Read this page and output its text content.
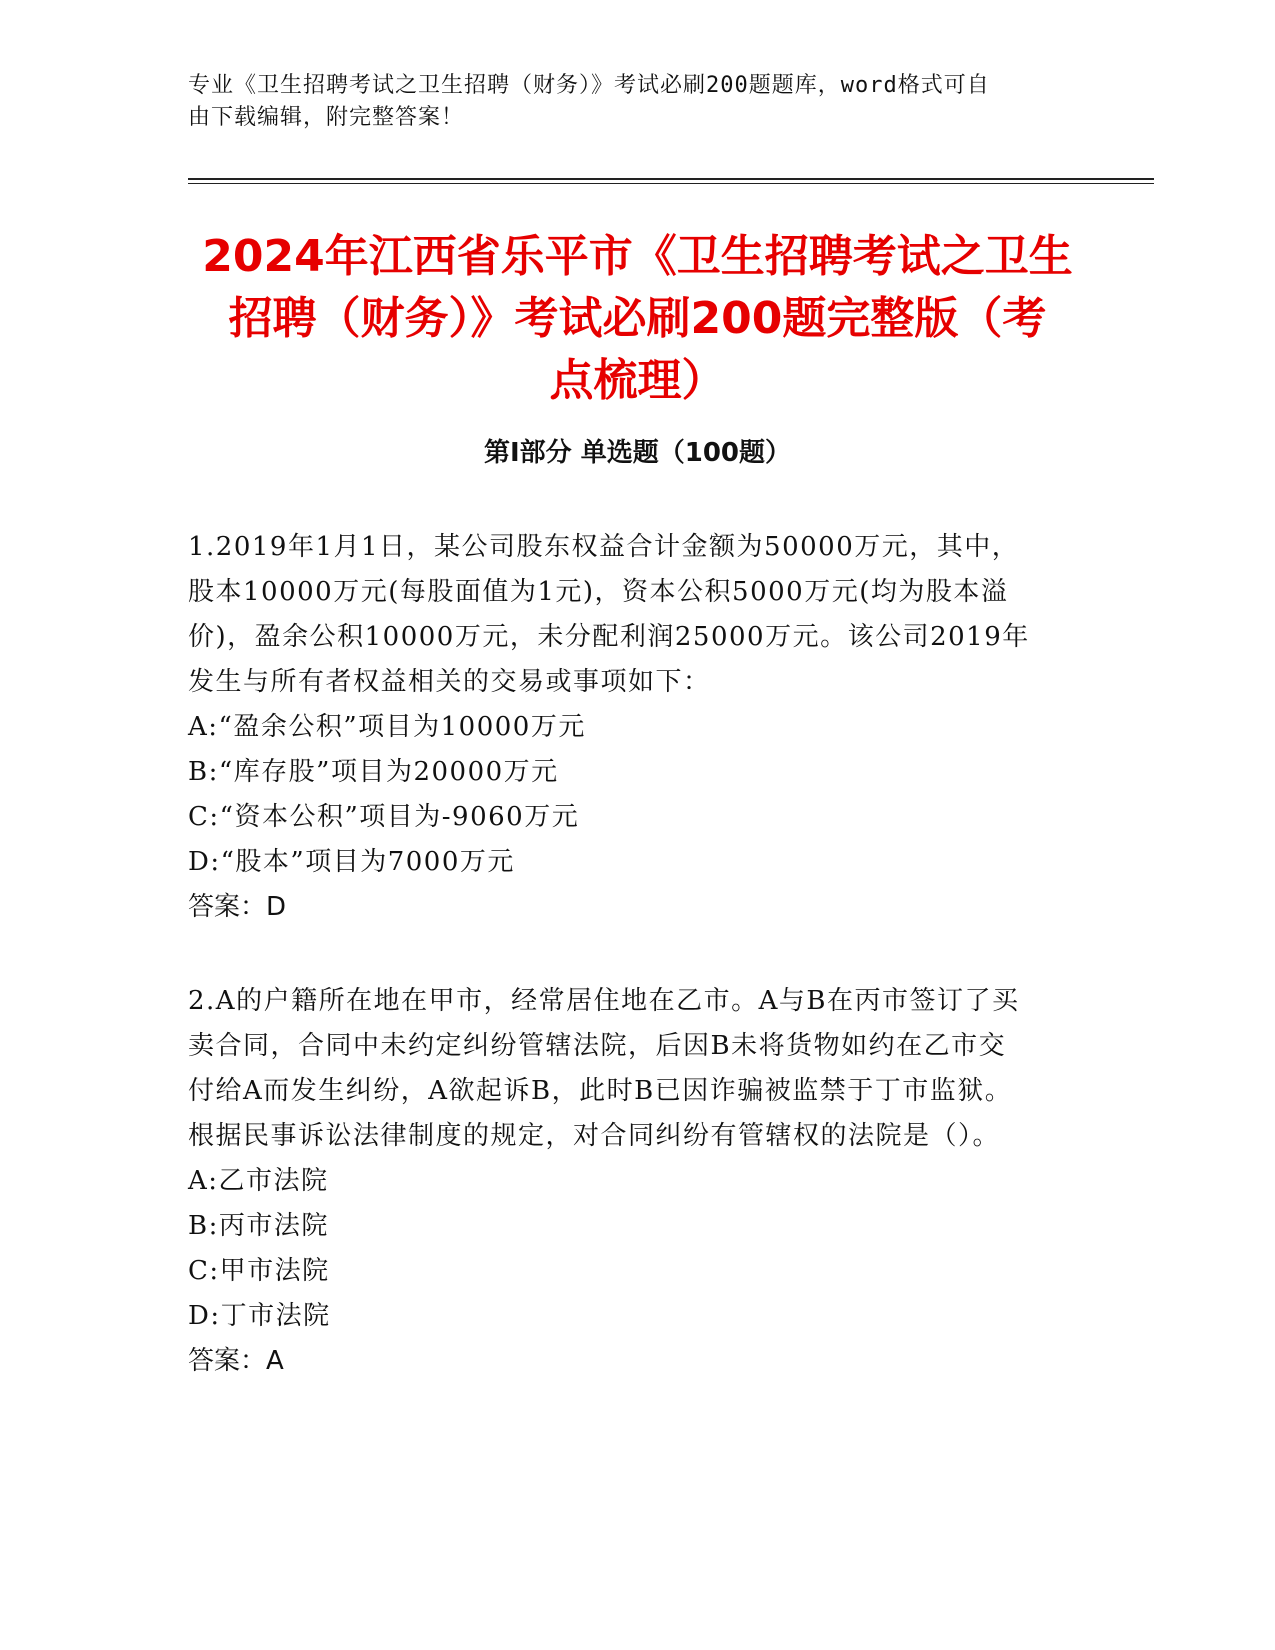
专业《卫生招聘考试之卫生招聘（财务）》考试必刷200题题库，word格式可自
由下载编辑，附完整答案！
2024年江西省乐平市《卫生招聘考试之卫生
招聘（财务）》考试必刷200题完整版（考
点梳理）
第Ⅰ部分 单选题（100题）
1.2019年1月1日，某公司股东权益合计金额为50000万元，其中，
股本10000万元(每股面值为1元)，资本公积5000万元(均为股本溢
价)，盈余公积10000万元，未分配利润25000万元。该公司2019年
发生与所有者权益相关的交易或事项如下：
A:“盈余公积”项目为10000万元
B:“库存股”项目为20000万元
C:“资本公积”项目为-9060万元
D:“股本”项目为7000万元
答案：D
2.A的户籍所在地在甲市，经常居住地在乙市。A与B在丙市签订了买
卖合同，合同中未约定纠纷管辖法院，后因B未将货物如约在乙市交
付给A而发生纠纷，A欲起诉B，此时B已因诈骗被监禁于丁市监狱。
根据民事诉讼法律制度的规定，对合同纠纷有管辖权的法院是（）。
A:乙市法院
B:丙市法院
C:甲市法院
D:丁市法院
答案：A
